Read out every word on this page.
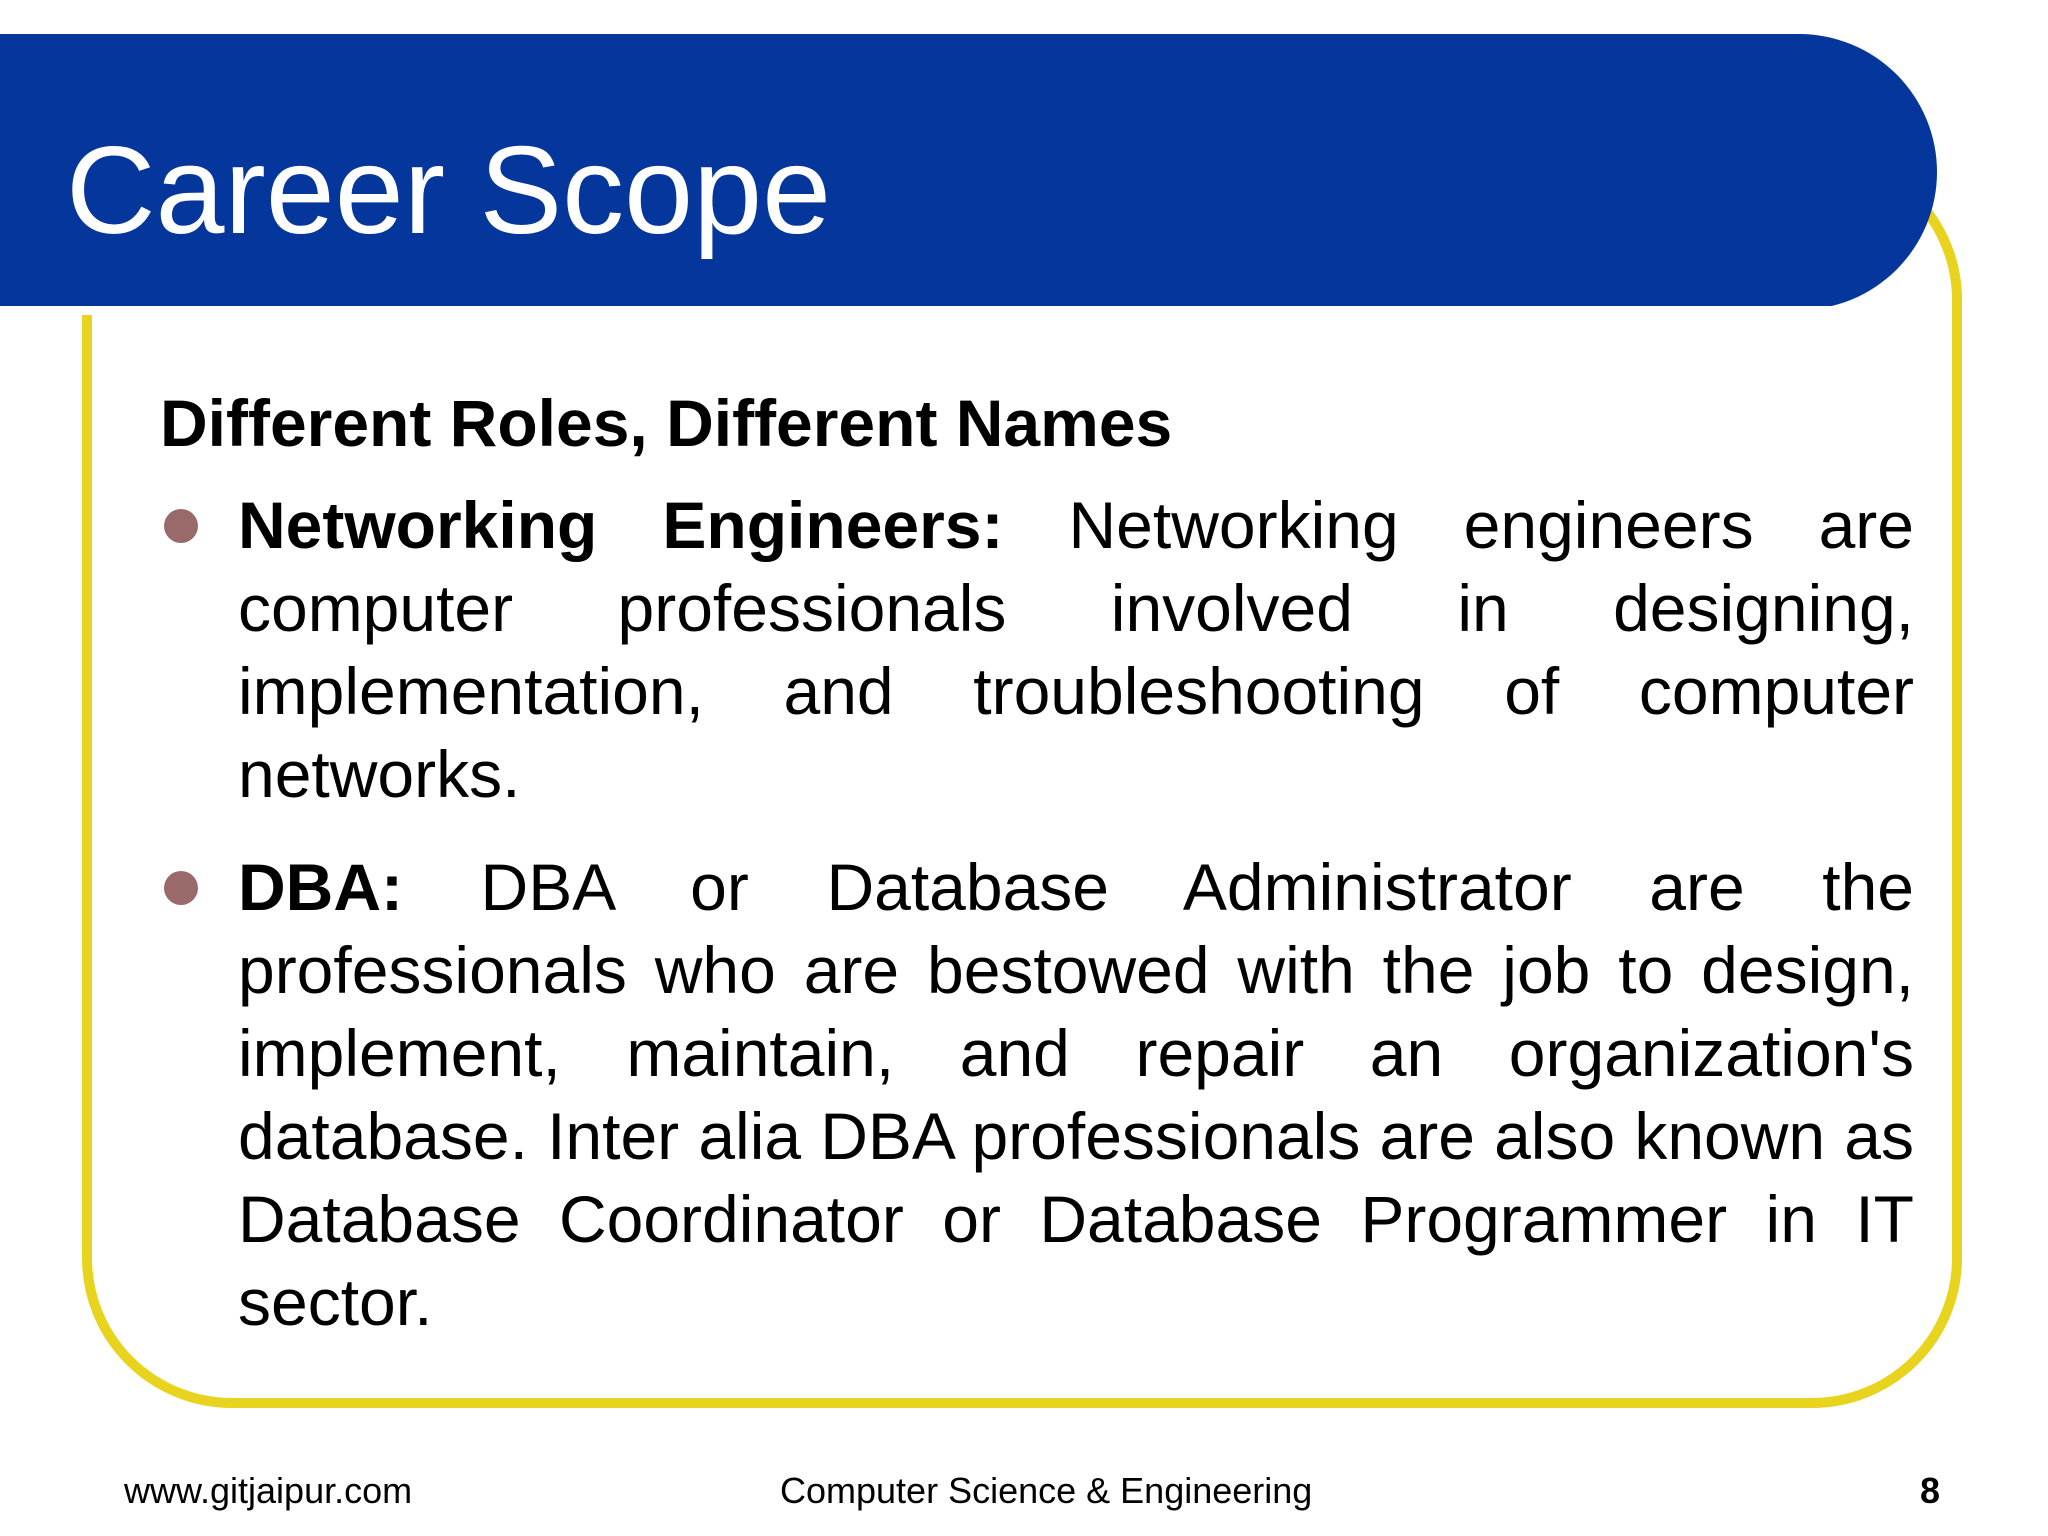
Career Scope
Different Roles, Different Names
Networking Engineers: Networking engineers are computer professionals involved in designing, implementation, and troubleshooting of computer networks.
DBA: DBA or Database Administrator are the professionals who are bestowed with the job to design, implement, maintain, and repair an organization's database. Inter alia DBA professionals are also known as Database Coordinator or Database Programmer in IT sector.
www.gitjaipur.com	Computer Science & Engineering	8
